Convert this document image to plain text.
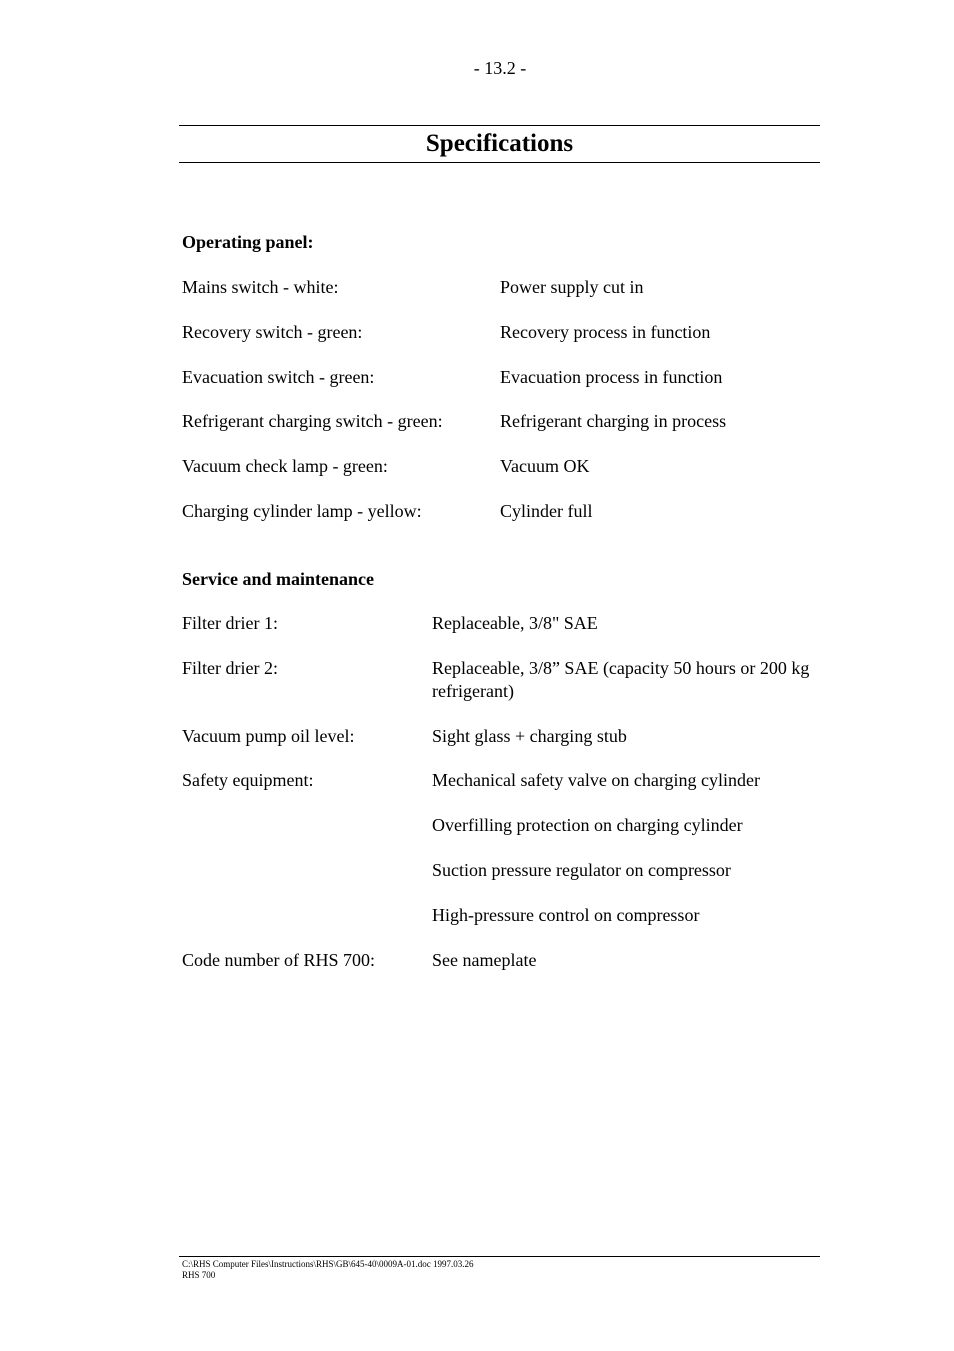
- 13.2 -
Specifications
Operating panel:
Mains switch - white:	Power supply cut in
Recovery switch - green:	Recovery process in function
Evacuation switch - green:	Evacuation process in function
Refrigerant charging switch - green:	Refrigerant charging in process
Vacuum check lamp - green:	Vacuum OK
Charging cylinder lamp - yellow:	Cylinder full
Service and maintenance
Filter drier 1:	Replaceable, 3/8" SAE
Filter drier 2:	Replaceable, 3/8” SAE (capacity 50 hours or 200 kg refrigerant)
Vacuum pump oil level:	Sight glass + charging stub
Safety equipment:	Mechanical safety valve on charging cylinder
Overfilling protection on charging cylinder
Suction pressure regulator on compressor
High-pressure control on compressor
Code number of RHS 700:	See nameplate
C:\RHS Computer Files\Instructions\RHS\GB\645-40\0009A-01.doc 1997.03.26
RHS 700
